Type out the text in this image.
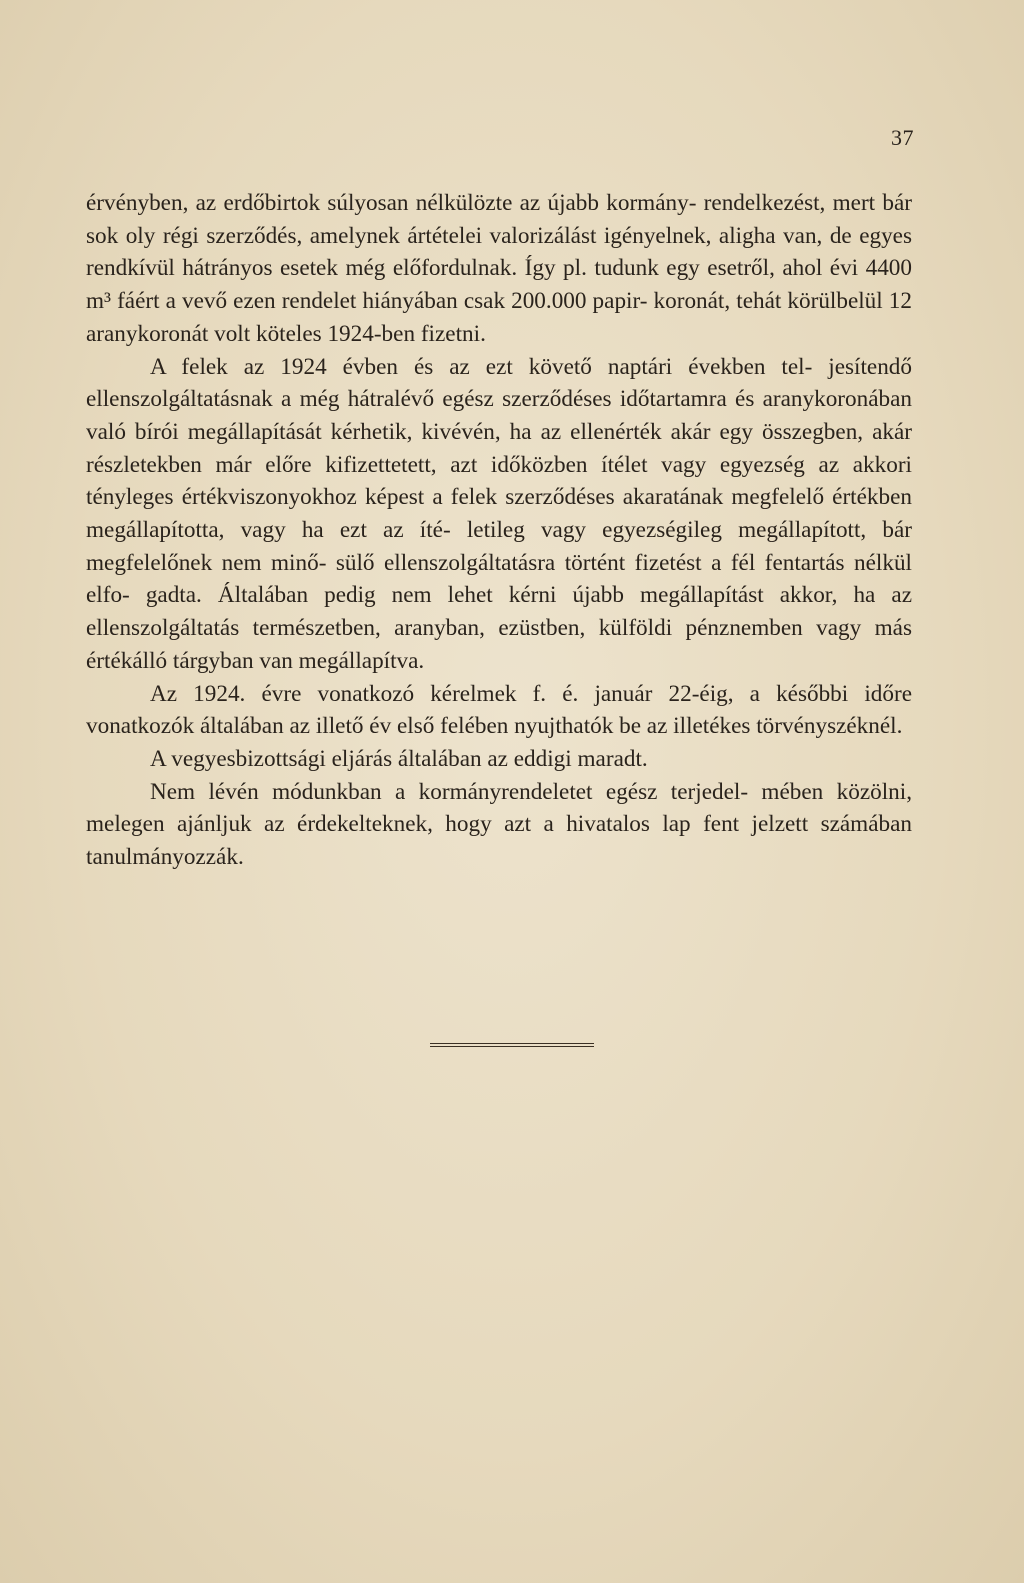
37

érvényben, az erdőbirtok súlyosan nélkülözte az újabb kormány- rendelkezést, mert bár sok oly régi szerződés, amelynek ártételei valorizálást igényelnek, aligha van, de egyes rendkívül hátrányos esetek még előfordulnak. Így pl. tudunk egy esetről, ahol évi 4400 m³ fáért a vevő ezen rendelet hiányában csak 200.000 papir- koronát, tehát körülbelül 12 aranykoronát volt köteles 1924-ben fizetni.

A felek az 1924 évben és az ezt követő naptári években tel- jesítendő ellenszolgáltatásnak a még hátralévő egész szerződéses időtartamra és aranykoronában való bírói megállapítását kérhetik, kivévén, ha az ellenérték akár egy összegben, akár részletekben már előre kifizettetett, azt időközben ítélet vagy egyezség az akkori tényleges értékviszonyokhoz képest a felek szerződéses akaratának megfelelő értékben megállapította, vagy ha ezt az íté- letileg vagy egyezségileg megállapított, bár megfelelőnek nem minő- sülő ellenszolgáltatásra történt fizetést a fél fentartás nélkül elfo- gadta. Általában pedig nem lehet kérni újabb megállapítást akkor, ha az ellenszolgáltatás természetben, aranyban, ezüstben, külföldi pénznemben vagy más értékálló tárgyban van megállapítva.

Az 1924. évre vonatkozó kérelmek f. é. január 22-éig, a későbbi időre vonatkozók általában az illető év első felében nyujthatók be az illetékes törvényszéknél.

A vegyesbizottsági eljárás általában az eddigi maradt.

Nem lévén módunkban a kormányrendeletet egész terjedel- mében közölni, melegen ajánljuk az érdekelteknek, hogy azt a hivatalos lap fent jelzett számában tanulmányozzák.
